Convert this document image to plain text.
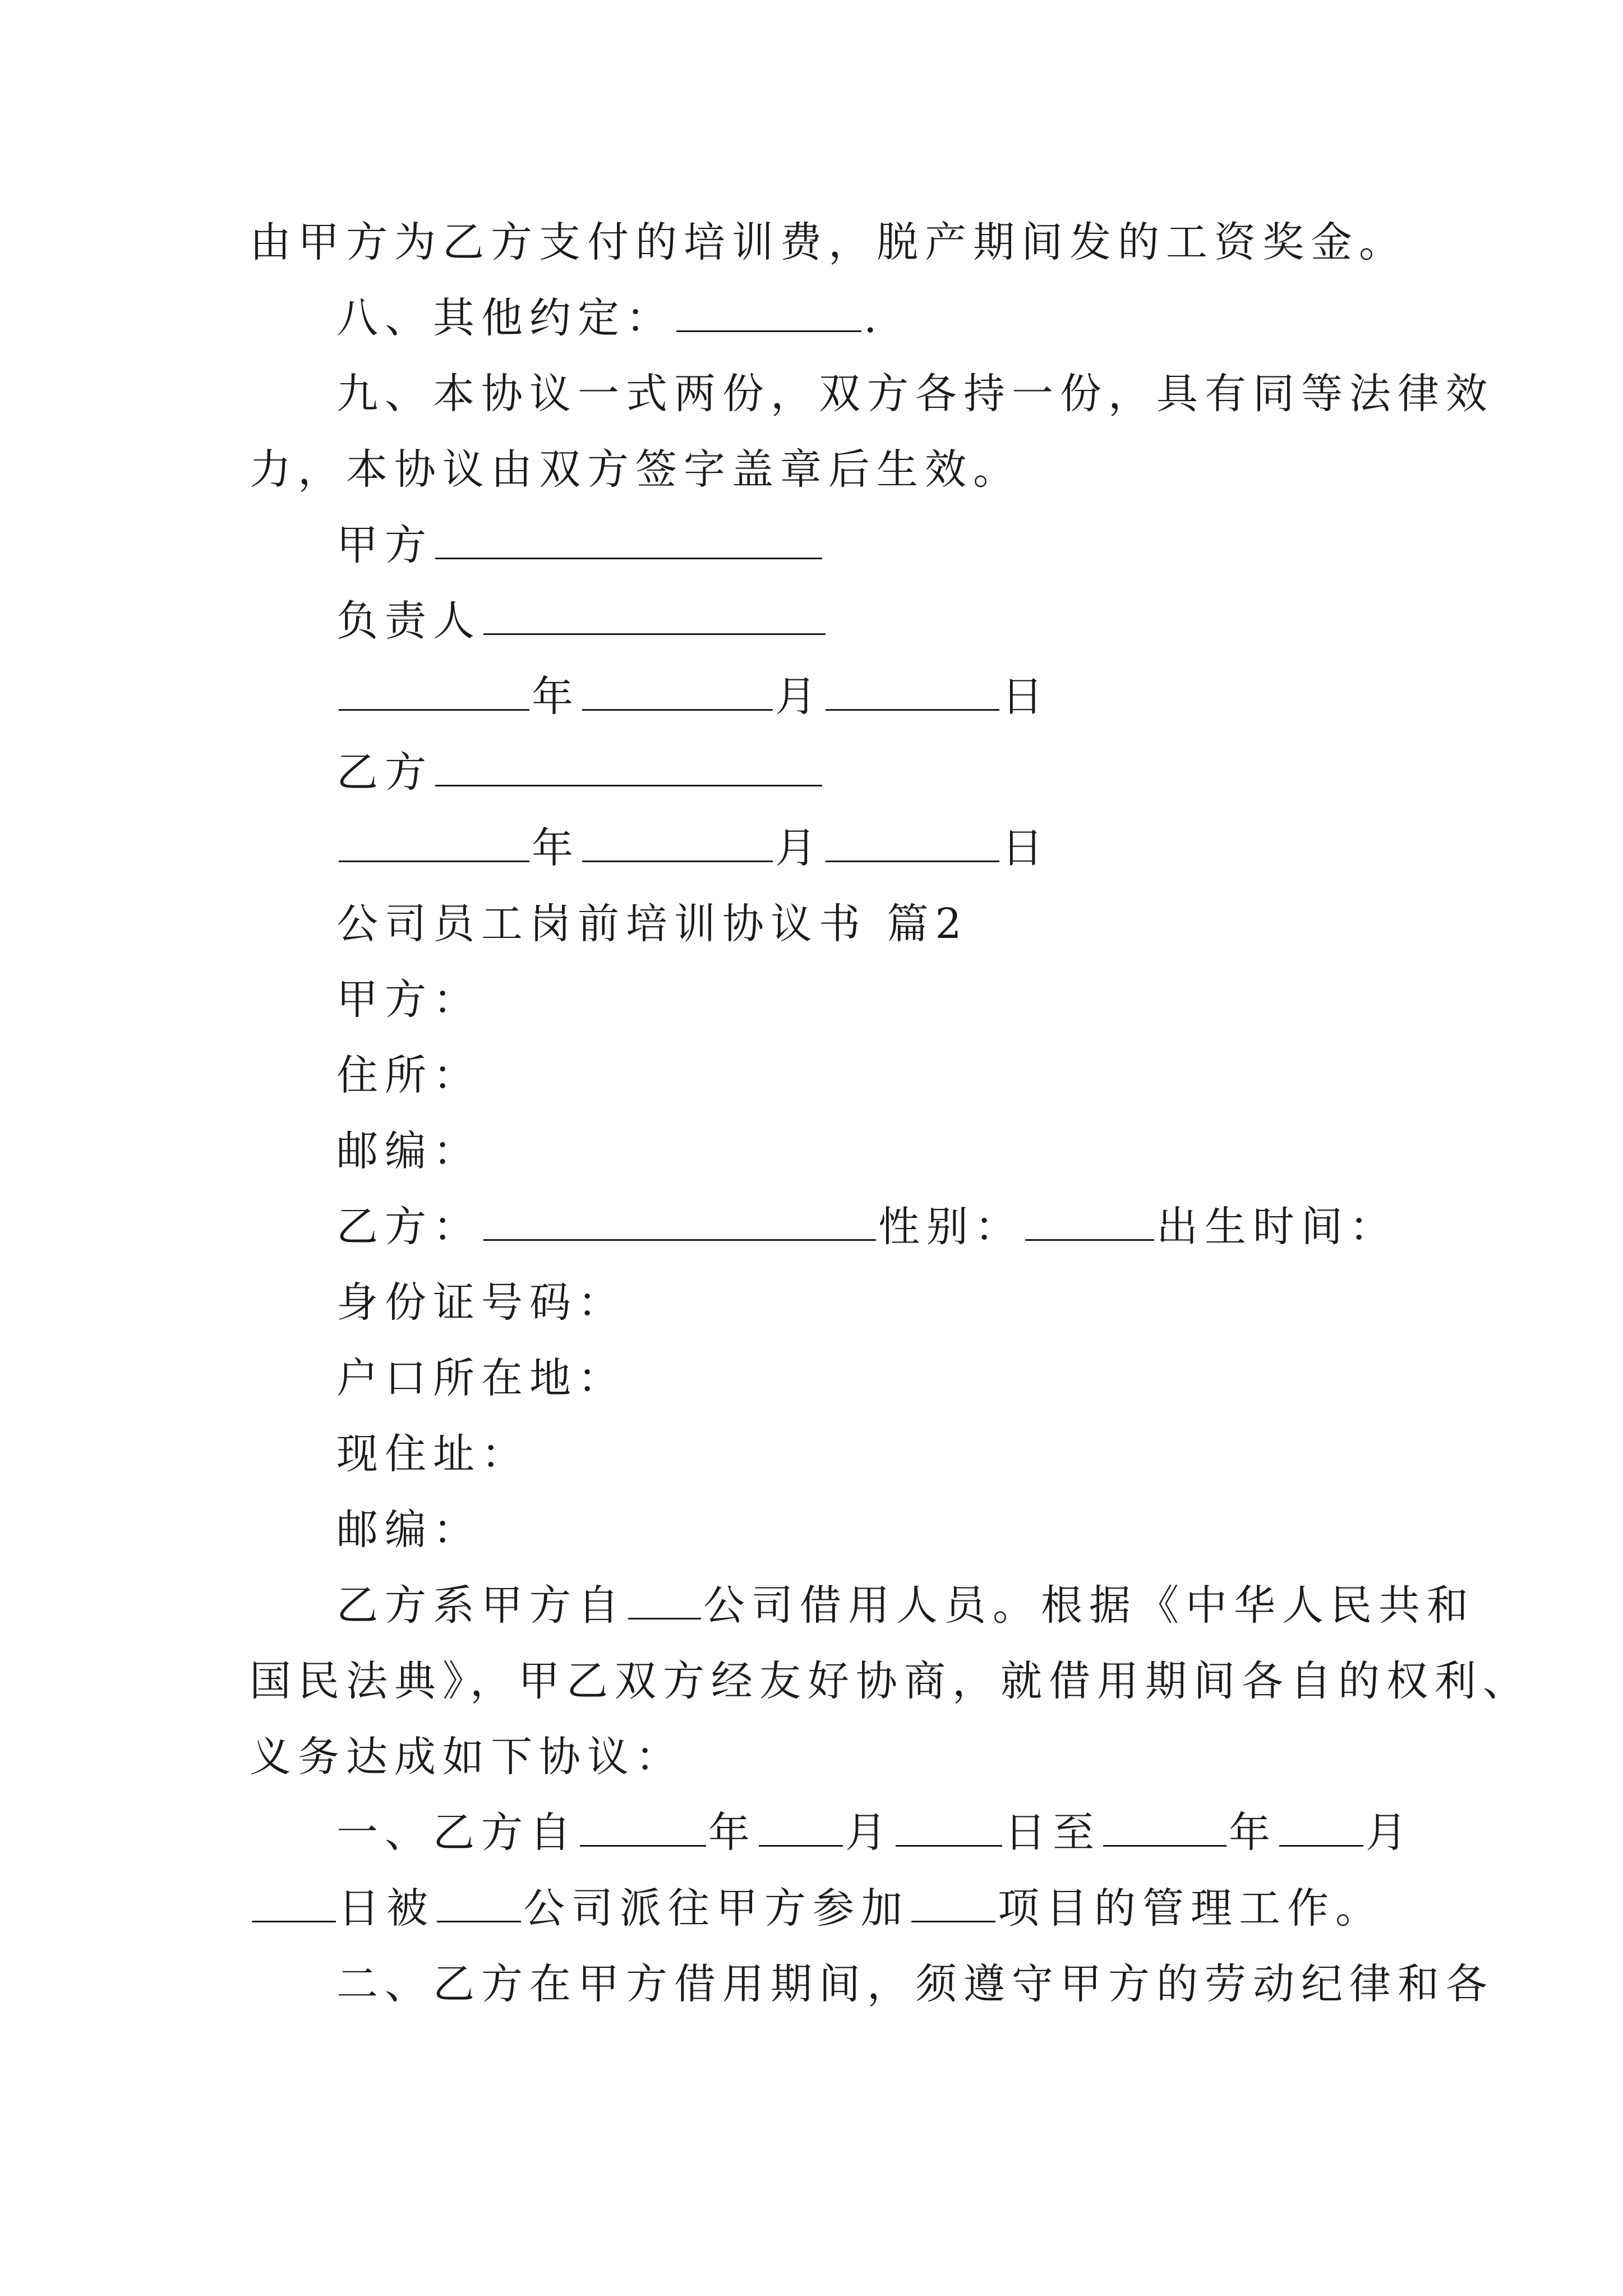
由甲方为乙方支付的培训费，脱产期间发的工资奖金。
八、其他约定：	.
九、本协议一式两份，双方各持一份，具有同等法律效
力，本协议由双方签字盖章后生效。
甲方
负责人
年	月	日
乙方
年	月	日
公司员工岗前培训协议书 篇2
甲方：
住所：
邮编：
乙方：	性别：	出生时间：
身份证号码：
户口所在地：
现住址：
邮编：
乙方系甲方自 公司借用人员。根据《中华人民共和
国民法典》，甲乙双方经友好协商，就借用期间各自的权利、
义务达成如下协议：
一、乙方自	年 月	日至	年 月
日被 公司派往甲方参加 项目的管理工作。
二、乙方在甲方借用期间，须遵守甲方的劳动纪律和各
